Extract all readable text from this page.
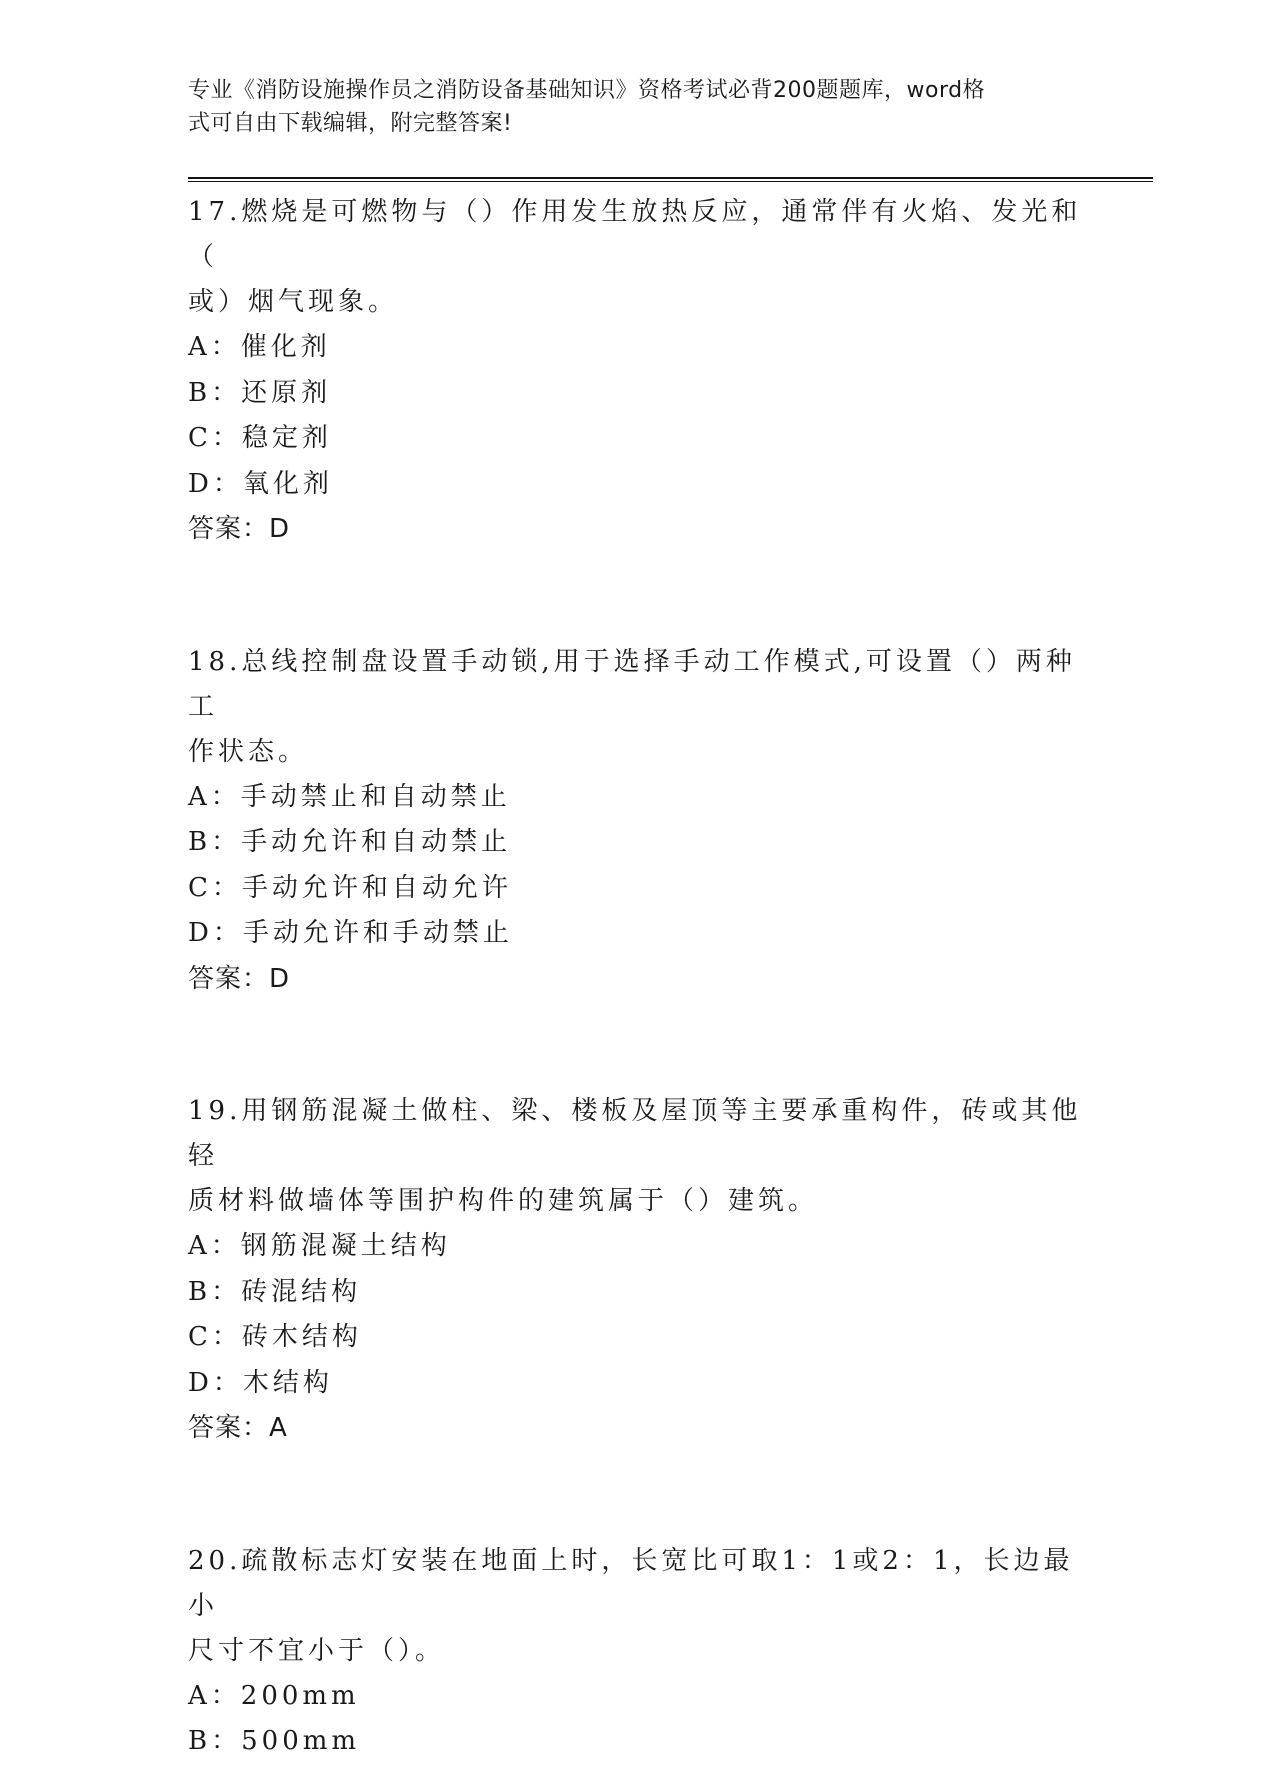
专业《消防设施操作员之消防设备基础知识》资格考试必背200题题库，word格
式可自由下载编辑，附完整答案!

17.燃烧是可燃物与（）作用发生放热反应，通常伴有火焰、发光和（

或）烟气现象。

A：催化剂

B：还原剂

C：稳定剂

D：氧化剂

答案：D

18.总线控制盘设置手动锁,用于选择手动工作模式,可设置（）两种工

作状态。

A：手动禁止和自动禁止

B：手动允许和自动禁止

C：手动允许和自动允许

D：手动允许和手动禁止

答案：D

19.用钢筋混凝土做柱、梁、楼板及屋顶等主要承重构件，砖或其他轻

质材料做墙体等围护构件的建筑属于（）建筑。

A：钢筋混凝土结构

B：砖混结构

C：砖木结构

D：木结构

答案：A

20.疏散标志灯安装在地面上时，长宽比可取1：1或2：1，长边最小

尺寸不宜小于（）。

A：200mm

B：500mm
